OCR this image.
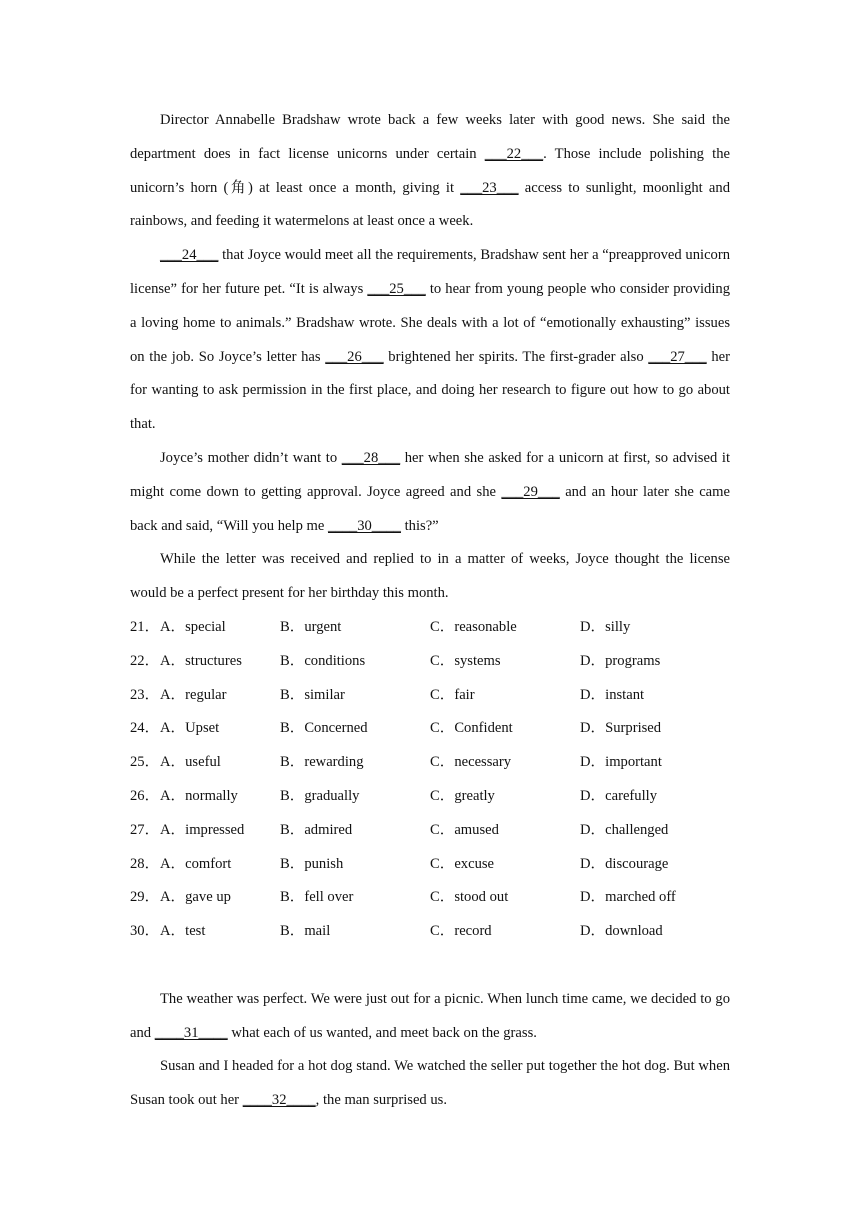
Director Annabelle Bradshaw wrote back a few weeks later with good news. She said the department does in fact license unicorns under certain ___22___. Those include polishing the unicorn’s horn (角) at least once a month, giving it ___23___ access to sunlight, moonlight and rainbows, and feeding it watermelons at least once a week.

___24___ that Joyce would meet all the requirements, Bradshaw sent her a “preapproved unicorn license” for her future pet. “It is always ___25___ to hear from young people who consider providing a loving home to animals.” Bradshaw wrote. She deals with a lot of “emotionally exhausting” issues on the job. So Joyce’s letter has ___26___ brightened her spirits. The first-grader also ___27___ her for wanting to ask permission in the first place, and doing her research to figure out how to go about that.

Joyce’s mother didn’t want to ___28___ her when she asked for a unicorn at first, so advised it might come down to getting approval. Joyce agreed and she ___29___ and an hour later she came back and said, “Will you help me ____30____ this?”

While the letter was received and replied to in a matter of weeks, Joyce thought the license would be a perfect present for her birthday this month.

21． A．special	B．urgent	C．reasonable	D．silly
22． A．structures	B．conditions	C．systems	D．programs
23． A．regular	B．similar	C．fair	D．instant
24． A．Upset	B．Concerned	C．Confident	D．Surprised
25． A．useful	B．rewarding	C．necessary	D．important
26． A．normally	B．gradually	C．greatly	D．carefully
27． A．impressed B．admired	C．amused	D．challenged
28． A．comfort	B．punish	C．excuse	D．discourage
29． A．gave up	B．fell over	C．stood out	D．marched off
30． A．test	B．mail	C．record	D．download

The weather was perfect. We were just out for a picnic. When lunch time came, we decided to go and ____31____ what each of us wanted, and meet back on the grass.

Susan and I headed for a hot dog stand. We watched the seller put together the hot dog. But when Susan took out her ____32____, the man surprised us.
